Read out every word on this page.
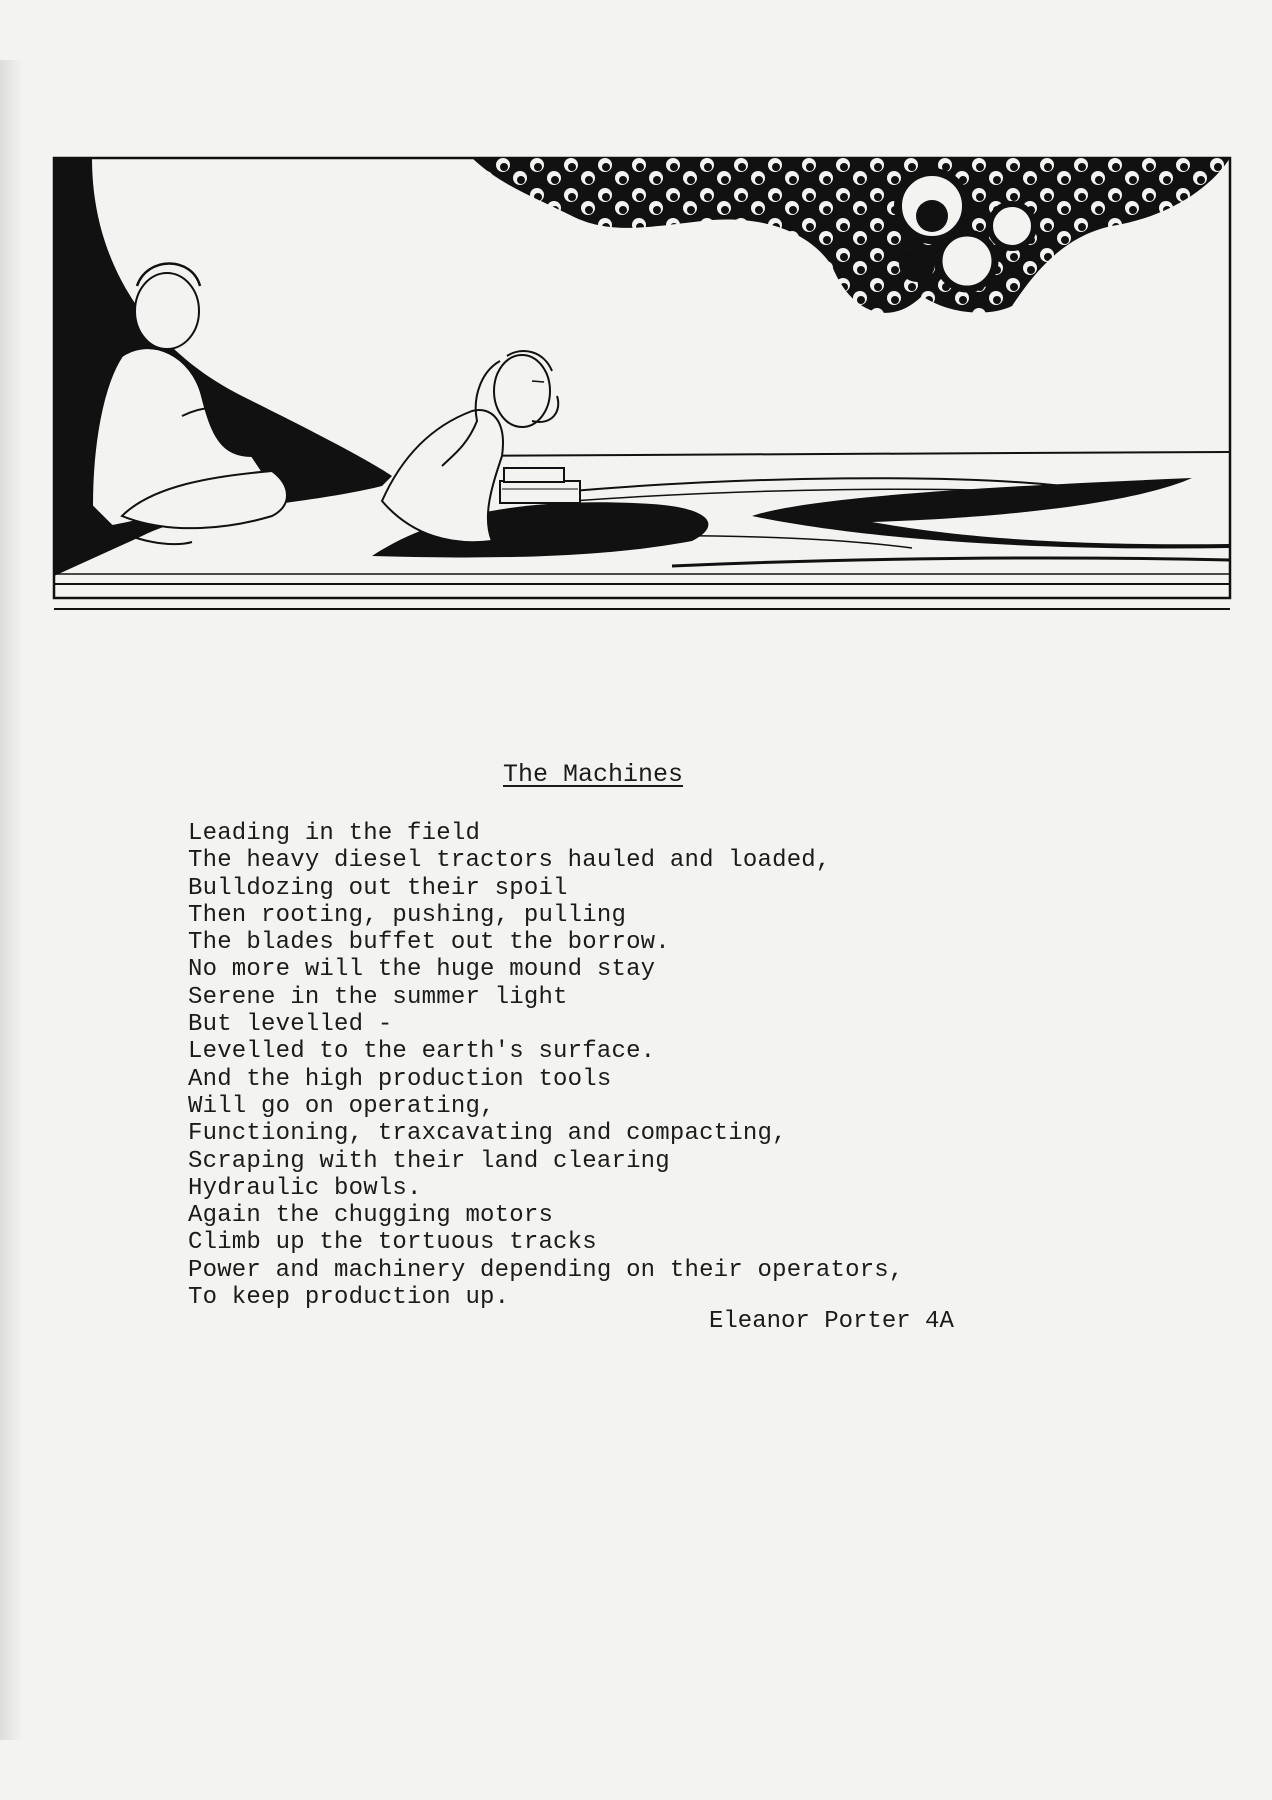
The Machines
Leading in the field
The heavy diesel tractors hauled and loaded,
Bulldozing out their spoil
Then rooting, pushing, pulling
The blades buffet out the borrow.
No more will the huge mound stay
Serene in the summer light
But levelled -
Levelled to the earth's surface.
And the high production tools
Will go on operating,
Functioning, traxcavating and compacting,
Scraping with their land clearing
Hydraulic bowls.
Again the chugging motors
Climb up the tortuous tracks
Power and machinery depending on their operators,
To keep production up.
Eleanor Porter 4A
